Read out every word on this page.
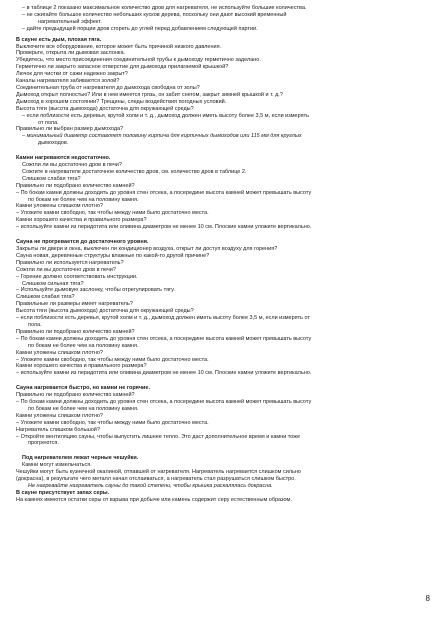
– в таблице 2 показано максимальное количество дров для нагревателя, не используйте большие количества.
– не сжигайте большое количество небольших кусков дерева, поскольку они дают высокий временный
нагревательный эффект.
– дайте предыдущей порции дров сгореть до углей перед добавлением следующей партии.
В сауне есть дым, плохая тяга.
Выключите все оборудование, которое может быть причиной низкого давления.
Проверьте, открыта ли дымовая заслонка.
Убедитесь, что место присоединения соединительной трубы к дымоходу герметично заделано.
Герметично ли закрыто запасное отверстие для дымохода прилагаемой крышкой?
Лючок для чистки от сажи надежно закрыт?
Каналы нагревателя забиваются золой?
Соединительная труба от нагревателя до дымохода свободна от золы?
Дымоход открыт полностью? Или в нем имеется грязь, он забит снегом, закрыт зимней крышкой и т. д.?
Дымоход в хорошем состоянии? Трещины, следы воздействия погодных условий.
Высота тяги (высота дымохода) достаточна для окружающей среды?
– если поблизости есть деревья, крутой холм и т. д., дымоход должен иметь высоту более 3,5 м, если измерять
от пола.
Правильно ли выбран размер дымохода?
– минимальный диаметр составляет половину кирпича для кирпичных дымоходов или 115 мм для круглых
дымоходов.
Камни нагреваются недостаточно.
Сожгли ли вы достаточно дров в печи?
Сожгите в нагревателе достаточное количество дров, см. количество дров в таблице 2.
Слишком слабая тяга?
Правильно ли подобрано количество камней?
– По бокам камни должны доходить до уровня стен отсека, а посередине высота камней может превышать высоту
по бокам не более чем на половину камня.
Камни уложены слишком плотно?
– Уложите камни свободно, так чтобы между ними было достаточно места.
Камни хорошего качества и правильного размера?
– используйте камни из перидотита или оливина диаметром не менее 10 см. Плоские камни уложите вертикально.
Сауна не прогревается до достаточного уровня.
Закрыты ли двери и окна, выключен ли кондиционер воздуха, открыт ли доступ воздуху для горения?
Сауна новая, деревянные структуры влажные по какой-то другой причине?
Правильно ли используется нагреватель?
Сожгли ли вы достаточно дров в печи?
– Горение должно соответствовать инструкции.
Слишком сильная тяга?
– Используйте дымовую заслонку, чтобы отрегулировать тягу.
Слишком слабая тяга?
Правильные ли размеры имеет нагреватель?
Высота тяги (высота дымохода) достаточна для окружающей среды?
– если поблизости есть деревья, крутой холм и т. д., дымоход должен иметь высоту более 3,5 м, если измерять от
пола.
Правильно ли подобрано количество камней?
– По бокам камни должны доходить до уровня стен отсека, а посередине высота камней может превышать высоту
по бокам не более чем на половину камня.
Камни уложены слишком плотно?
– Уложите камни свободно, так чтобы между ними было достаточно места.
Камни хорошего качества и правильного размера?
– используйте камни из перидотита или оливина диаметром не менее 10 см. Плоские камни уложите вертикально.
Сауна нагревается быстро, но камни не горячие.
Правильно ли подобрано количество камней?
– По бокам камни должны доходить до уровня стен отсека, а посередине высота камней может превышать высоту
по бокам не более чем на половину камня.
Камни уложены слишком плотно?
– Уложите камни свободно, так чтобы между ними было достаточно места.
Нагреватель слишком большой?
– Откройте вентиляцию сауны, чтобы выпустить лишнее тепло. Это даст дополнительное время и камни тоже
прогреются.
Под нагревателем лежат черные чешуйки.
Камни могут измельчаться.
Чешуйки могут быть кузнечной окалиной, отпавшей от нагревателя. Нагреватель нагревается слишком сильно
(докрасна), в результате чего металл начал отслаиваться, а нагреватель стал разрушаться слишком быстро.
Не нагревайте нагреватель сауны до такой степени, чтобы крышка раскалялась докрасна.
В сауне присутствует запах серы.
На камнях имеются остатки серы от взрыва при добыче или камень содержит серу естественным образом.
8
